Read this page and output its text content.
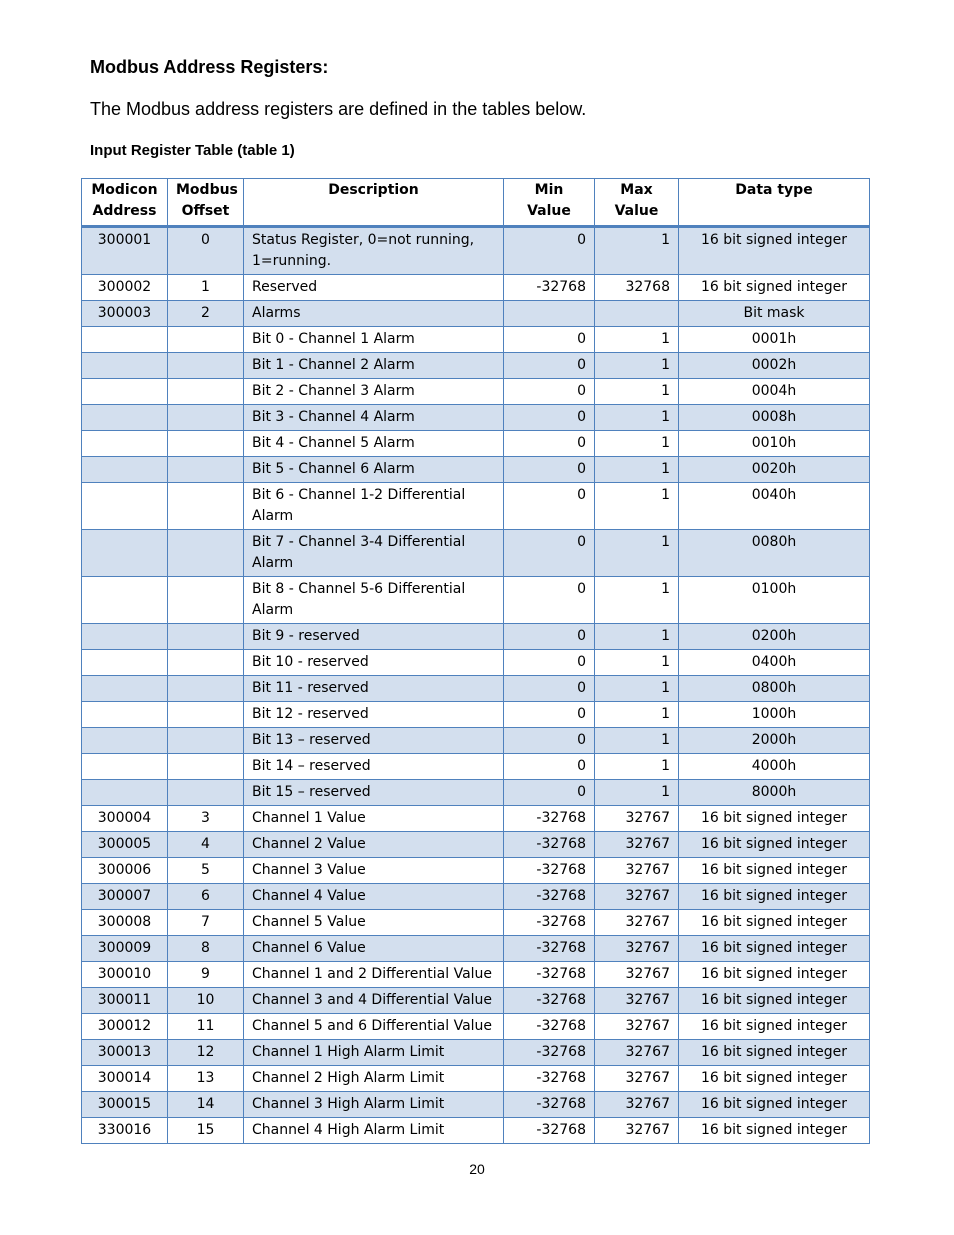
Modbus Address Registers:

The Modbus address registers are defined in the tables below.

Input Register Table (table 1)

Modicon Address	Modbus Offset	Description	Min Value	Max Value	Data type
300001	0	Status Register, 0=not running, 1=running.	0	1	16 bit signed integer
300002	1	Reserved	-32768	32768	16 bit signed integer
300003	2	Alarms			Bit mask
		Bit 0 - Channel 1 Alarm	0	1	0001h
		Bit 1 - Channel 2 Alarm	0	1	0002h
		Bit 2 - Channel 3 Alarm	0	1	0004h
		Bit 3 - Channel 4 Alarm	0	1	0008h
		Bit 4 - Channel 5 Alarm	0	1	0010h
		Bit 5 - Channel 6 Alarm	0	1	0020h
		Bit 6 - Channel 1-2 Differential Alarm	0	1	0040h
		Bit 7 - Channel 3-4 Differential Alarm	0	1	0080h
		Bit 8 - Channel 5-6 Differential Alarm	0	1	0100h
		Bit 9 - reserved	0	1	0200h
		Bit 10 - reserved	0	1	0400h
		Bit 11 - reserved	0	1	0800h
		Bit 12 - reserved	0	1	1000h
		Bit 13 – reserved	0	1	2000h
		Bit 14 – reserved	0	1	4000h
		Bit 15 – reserved	0	1	8000h
300004	3	Channel 1 Value	-32768	32767	16 bit signed integer
300005	4	Channel 2 Value	-32768	32767	16 bit signed integer
300006	5	Channel 3 Value	-32768	32767	16 bit signed integer
300007	6	Channel 4 Value	-32768	32767	16 bit signed integer
300008	7	Channel 5 Value	-32768	32767	16 bit signed integer
300009	8	Channel 6 Value	-32768	32767	16 bit signed integer
300010	9	Channel 1 and 2 Differential Value	-32768	32767	16 bit signed integer
300011	10	Channel 3 and 4 Differential Value	-32768	32767	16 bit signed integer
300012	11	Channel 5 and 6 Differential Value	-32768	32767	16 bit signed integer
300013	12	Channel 1 High Alarm Limit	-32768	32767	16 bit signed integer
300014	13	Channel 2 High Alarm Limit	-32768	32767	16 bit signed integer
300015	14	Channel 3 High Alarm Limit	-32768	32767	16 bit signed integer
330016	15	Channel 4 High Alarm Limit	-32768	32767	16 bit signed integer

20
